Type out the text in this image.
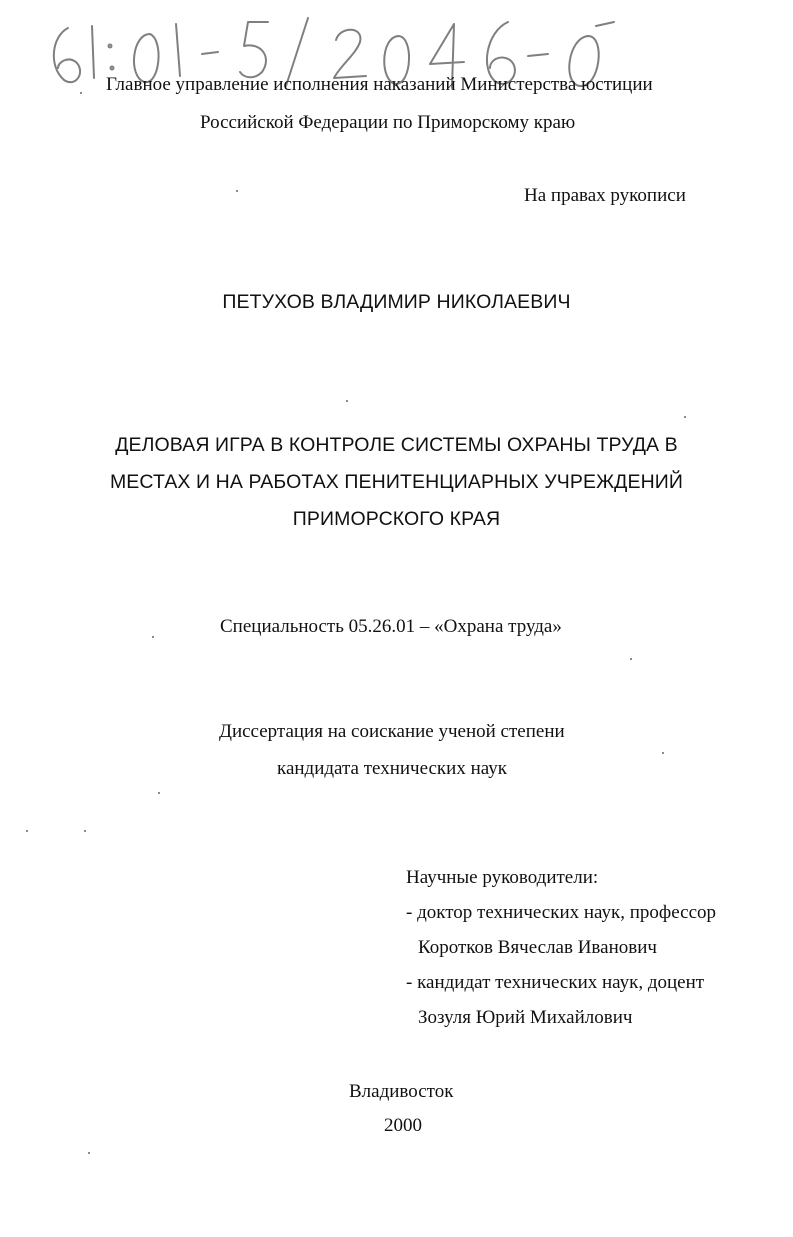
Главное управление исполнения наказаний Министерства юстиции
Российской Федерации по Приморскому краю
На правах рукописи
ПЕТУХОВ ВЛАДИМИР НИКОЛАЕВИЧ
ДЕЛОВАЯ ИГРА В КОНТРОЛЕ СИСТЕМЫ ОХРАНЫ ТРУДА В
МЕСТАХ И НА РАБОТАХ ПЕНИТЕНЦИАРНЫХ УЧРЕЖДЕНИЙ
ПРИМОРСКОГО КРАЯ
Специальность 05.26.01 – «Охрана труда»
Диссертация на соискание ученой степени
кандидата технических наук
Научные руководители:
- доктор технических наук, профессор
Коротков Вячеслав Иванович
- кандидат технических наук, доцент
Зозуля Юрий Михайлович
Владивосток
2000
